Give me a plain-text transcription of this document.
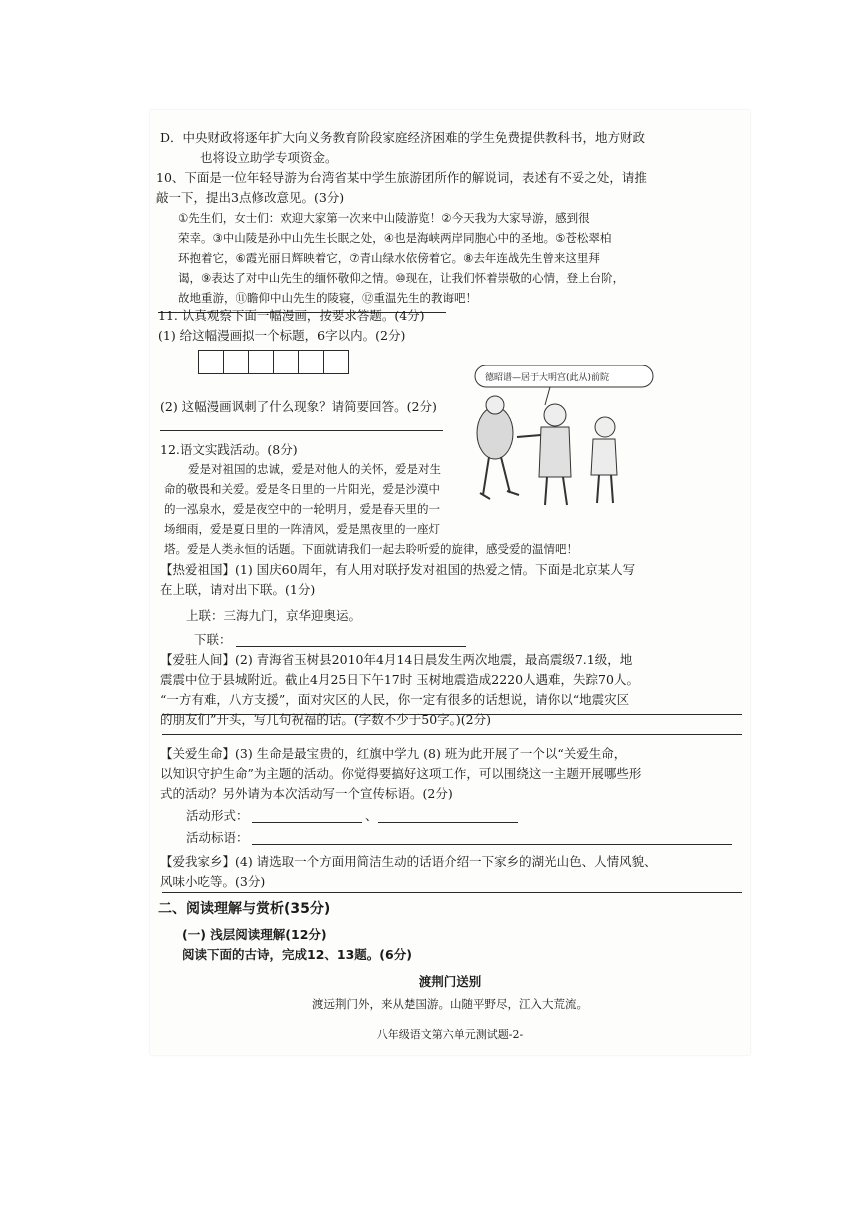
D．中央财政将逐年扩大向义务教育阶段家庭经济困难的学生免费提供教科书，地方财政
也将设立助学专项资金。
10、下面是一位年轻导游为台湾省某中学生旅游团所作的解说词，表述有不妥之处，请推
敲一下，提出3点修改意见。(3分)
①先生们，女士们：欢迎大家第一次来中山陵游览！②今天我为大家导游，感到很
荣幸。③中山陵是孙中山先生长眠之处，④也是海峡两岸同胞心中的圣地。⑤苍松翠柏
环抱着它，⑥霞光丽日辉映着它，⑦青山绿水依傍着它。⑧去年连战先生曾来这里拜
谒，⑨表达了对中山先生的缅怀敬仰之情。⑩现在，让我们怀着崇敬的心情，登上台阶，
故地重游，⑪瞻仰中山先生的陵寝，⑫重温先生的教诲吧！
11. 认真观察下面一幅漫画，按要求答题。(4分)
(1) 给这幅漫画拟一个标题，6字以内。(2分)
(2) 这幅漫画讽刺了什么现象？请简要回答。(2分)
德昭谱—居于大明宫(此从)前院
12.语文实践活动。(8分)
爱是对祖国的忠诚，爱是对他人的关怀，爱是对生
命的敬畏和关爱。爱是冬日里的一片阳光，爱是沙漠中
的一泓泉水，爱是夜空中的一轮明月，爱是春天里的一
场细雨，爱是夏日里的一阵清风，爱是黑夜里的一座灯
塔。爱是人类永恒的话题。下面就请我们一起去聆听爱的旋律，感受爱的温情吧！
【热爱祖国】(1) 国庆60周年，有人用对联抒发对祖国的热爱之情。下面是北京某人写
在上联，请对出下联。(1分)
上联：三海九门，京华迎奥运。
下联：
【爱驻人间】(2) 青海省玉树县2010年4月14日晨发生两次地震，最高震级7.1级，地
震震中位于县城附近。截止4月25日下午17时 玉树地震造成2220人遇难，失踪70人。
“一方有难，八方支援”，面对灾区的人民，你一定有很多的话想说，请你以“地震灾区
的朋友们”开头，写几句祝福的话。(字数不少于50字。)(2分)
【关爱生命】(3) 生命是最宝贵的，红旗中学九 (8) 班为此开展了一个以“关爱生命，
以知识守护生命”为主题的活动。你觉得要搞好这项工作，可以围绕这一主题开展哪些形
式的活动？另外请为本次活动写一个宣传标语。(2分)
活动形式：	、
活动标语：
【爱我家乡】(4) 请选取一个方面用简洁生动的话语介绍一下家乡的湖光山色、人情风貌、
风味小吃等。(3分)
二、阅读理解与赏析(35分)
(一) 浅层阅读理解(12分)
阅读下面的古诗，完成12、13题。(6分)
渡荆门送别
渡远荆门外，来从楚国游。山随平野尽，江入大荒流。
八年级语文第六单元测试题-2-
